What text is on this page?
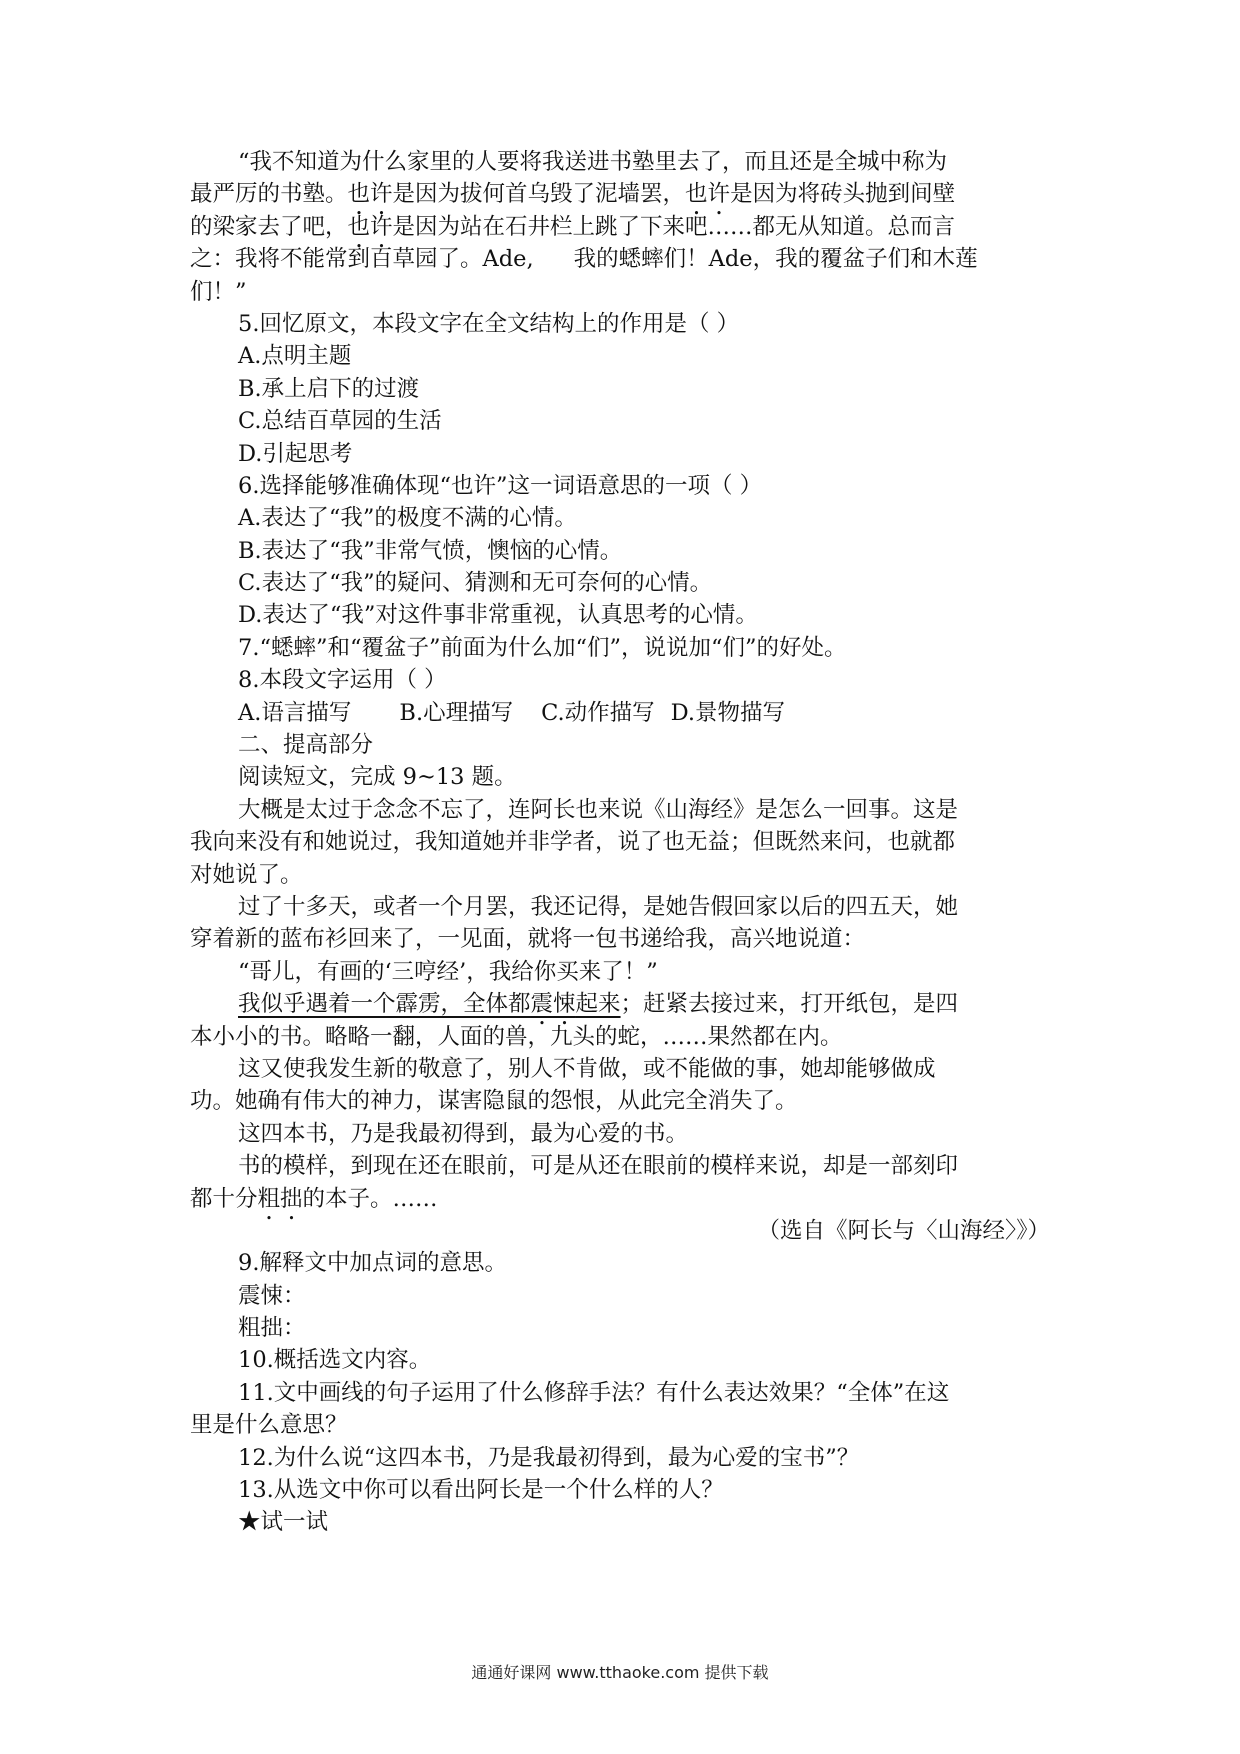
“我不知道为什么家里的人要将我送进书塾里去了，而且还是全城中称为
最严厉的书塾。也许是因为拔何首乌毁了泥墙罢，也许是因为将砖头抛到间壁
的梁家去了吧，也许是因为站在石井栏上跳了下来吧……都无从知道。总而言
之：我将不能常到百草园了。Ade, 我的蟋蟀们！Ade，我的覆盆子们和木莲
们！”
5.回忆原文，本段文字在全文结构上的作用是（ ）
A.点明主题
B.承上启下的过渡
C.总结百草园的生活
D.引起思考
6.选择能够准确体现“也许”这一词语意思的一项（ ）
A.表达了“我”的极度不满的心情。
B.表达了“我”非常气愤，懊恼的心情。
C.表达了“我”的疑问、猜测和无可奈何的心情。
D.表达了“我”对这件事非常重视，认真思考的心情。
7.“蟋蟀”和“覆盆子”前面为什么加“们”，说说加“们”的好处。
8.本段文字运用（ ）
A.语言描写 B.心理描写 C.动作描写 D.景物描写
二、提高部分
阅读短文，完成 9~13 题。
大概是太过于念念不忘了，连阿长也来说《山海经》是怎么一回事。这是
我向来没有和她说过，我知道她并非学者，说了也无益；但既然来问，也就都
对她说了。
过了十多天，或者一个月罢，我还记得，是她告假回家以后的四五天，她
穿着新的蓝布衫回来了，一见面，就将一包书递给我，高兴地说道：
“哥儿，有画的‘三哼经’，我给你买来了！”
我似乎遇着一个霹雳，全体都震悚起来；赶紧去接过来，打开纸包，是四
本小小的书。略略一翻，人面的兽，九头的蛇，……果然都在内。
这又使我发生新的敬意了，别人不肯做，或不能做的事，她却能够做成
功。她确有伟大的神力，谋害隐鼠的怨恨，从此完全消失了。
这四本书，乃是我最初得到，最为心爱的书。
书的模样，到现在还在眼前，可是从还在眼前的模样来说，却是一部刻印
都十分粗拙的本子。……
（选自《阿长与〈山海经〉》）
9.解释文中加点词的意思。
震悚：
粗拙：
10.概括选文内容。
11.文中画线的句子运用了什么修辞手法？有什么表达效果？“全体”在这
里是什么意思？
12.为什么说“这四本书，乃是我最初得到，最为心爱的宝书”？
13.从选文中你可以看出阿长是一个什么样的人？
★试一试
通通好课网 www.tthaoke.com 提供下载
